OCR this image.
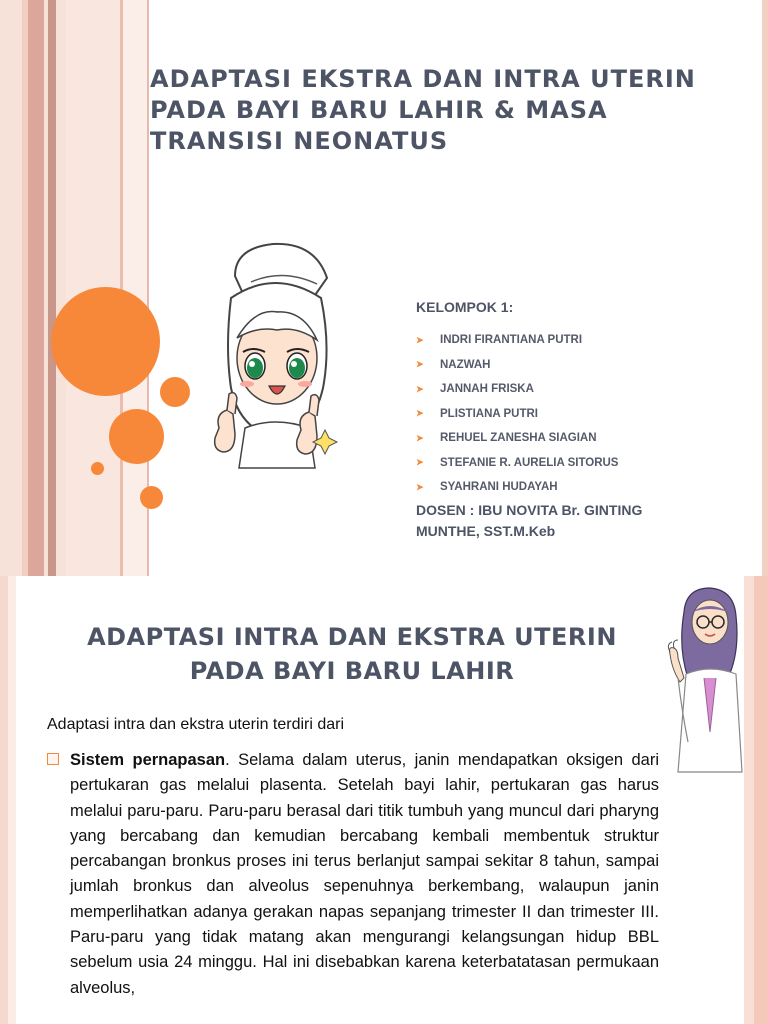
ADAPTASI EKSTRA DAN INTRA UTERIN
PADA BAYI BARU LAHIR & MASA
TRANSISI NEONATUS

KELOMPOK 1:

➤	INDRI FIRANTIANA PUTRI
➤	NAZWAH
➤	JANNAH FRISKA
➤	PLISTIANA PUTRI
➤	REHUEL ZANESHA SIAGIAN
➤	STEFANIE R. AURELIA SITORUS
➤	SYAHRANI HUDAYAH

DOSEN : IBU NOVITA Br. GINTING
MUNTHE, SST.M.Keb

ADAPTASI INTRA DAN EKSTRA UTERIN
PADA BAYI BARU LAHIR

Adaptasi intra dan ekstra uterin terdiri dari

Sistem pernapasan. Selama dalam uterus, janin mendapatkan oksigen dari pertukaran gas melalui plasenta. Setelah bayi lahir, pertukaran gas harus melalui paru-paru. Paru-paru berasal dari titik tumbuh yang muncul dari pharyng yang bercabang dan kemudian bercabang kembali membentuk struktur percabangan bronkus proses ini terus berlanjut sampai sekitar 8 tahun, sampai jumlah bronkus dan alveolus sepenuhnya berkembang, walaupun janin memperlihatkan adanya gerakan napas sepanjang trimester II dan trimester III. Paru-paru yang tidak matang akan mengurangi kelangsungan hidup BBL sebelum usia 24 minggu. Hal ini disebabkan karena keterbatatasan permukaan alveolus,
